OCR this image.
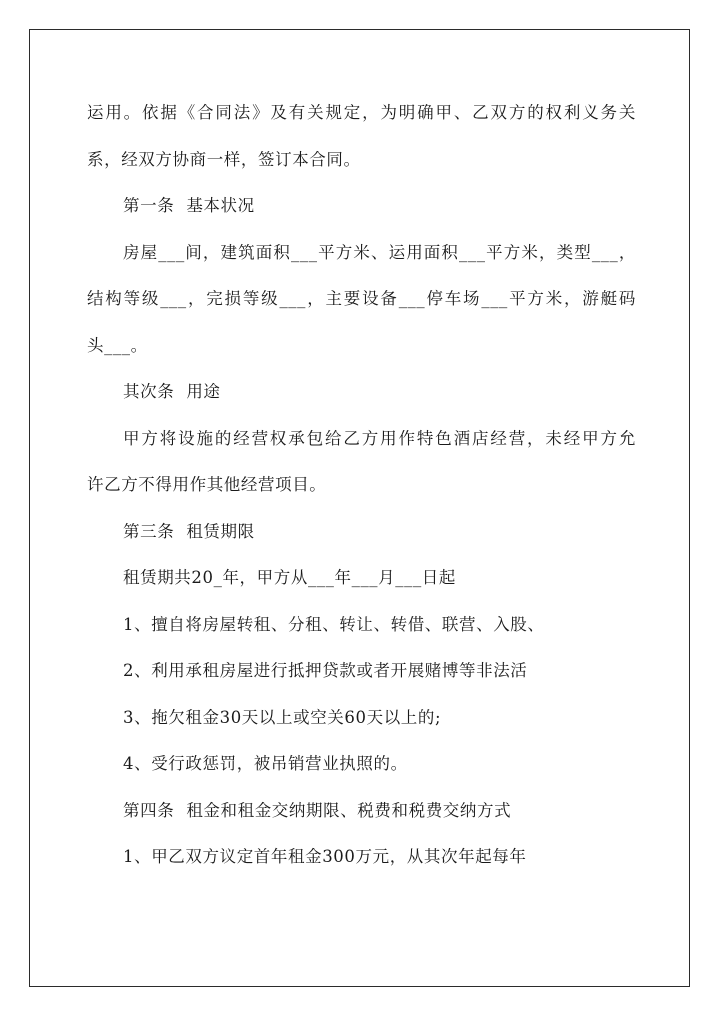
运用。依据《合同法》及有关规定，为明确甲、乙双方的权利义务关
系，经双方协商一样，签订本合同。
第一条 基本状况
房屋___间，建筑面积___平方米、运用面积___平方米，类型___，
结构等级___，完损等级___，主要设备___停车场___平方米，游艇码
头___。
其次条 用途
甲方将设施的经营权承包给乙方用作特色酒店经营，未经甲方允
许乙方不得用作其他经营项目。
第三条 租赁期限
租赁期共20_年，甲方从___年___月___日起
1、擅自将房屋转租、分租、转让、转借、联营、入股、
2、利用承租房屋进行抵押贷款或者开展赌博等非法活
3、拖欠租金30天以上或空关60天以上的;
4、受行政惩罚，被吊销营业执照的。
第四条 租金和租金交纳期限、税费和税费交纳方式
1、甲乙双方议定首年租金300万元，从其次年起每年
